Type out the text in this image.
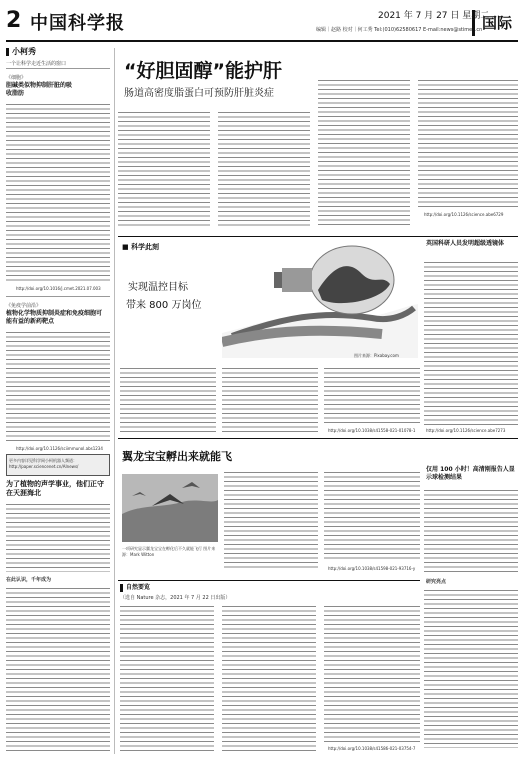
2 中国科学报	2021 年 7 月 27 日 星期二
编辑｜赵路 校对｜何工秀 Tel:(010)62580617 E-mail:news@stimes.cn 国际
小柯秀
一个让科学走近生活的窗口
《细胞》
胆碱类似物抑制肝脏的吸收脂肪
http://doi.org/10.1016/j.cmet.2021.07.003
《免疫学前沿》
植物化学物质抑制炎症和免疫细胞可能有益的新药靶点
http://doi.org/10.1126/sciimmunol.abs1234
更多内容详见科学网小柯机器人频道：http://paper.sciencenet.cn/AInews/
为了植物的声学事业，他们正守在天涯海北
在此认识，千年成为
“好胆固醇”能护肝
肠道高密度脂蛋白可预防肝脏炎症
http://doi.org/10.1126/science.abe6729
■ 科学此刻
实现温控目标
带来 800 万岗位
图片来源：Pixabay.com
http://doi.org/10.1038/s41558-021-01078-1
英国科研人员发明超级透镜体
http://doi.org/10.1126/science.abe7273
翼龙宝宝孵出来就能飞
一项研究显示翼龙宝宝在孵化后不久就能飞行 图片来源：Mark Witton
http://doi.org/10.1038/s41598-021-93716-y
仅用 100 小时！高清刚报告人显示球检测结果
研究亮点
自然要览
（选自 Nature 杂志，2021 年 7 月 22 日出版）
http://doi.org/10.1038/s41586-021-03754-7
